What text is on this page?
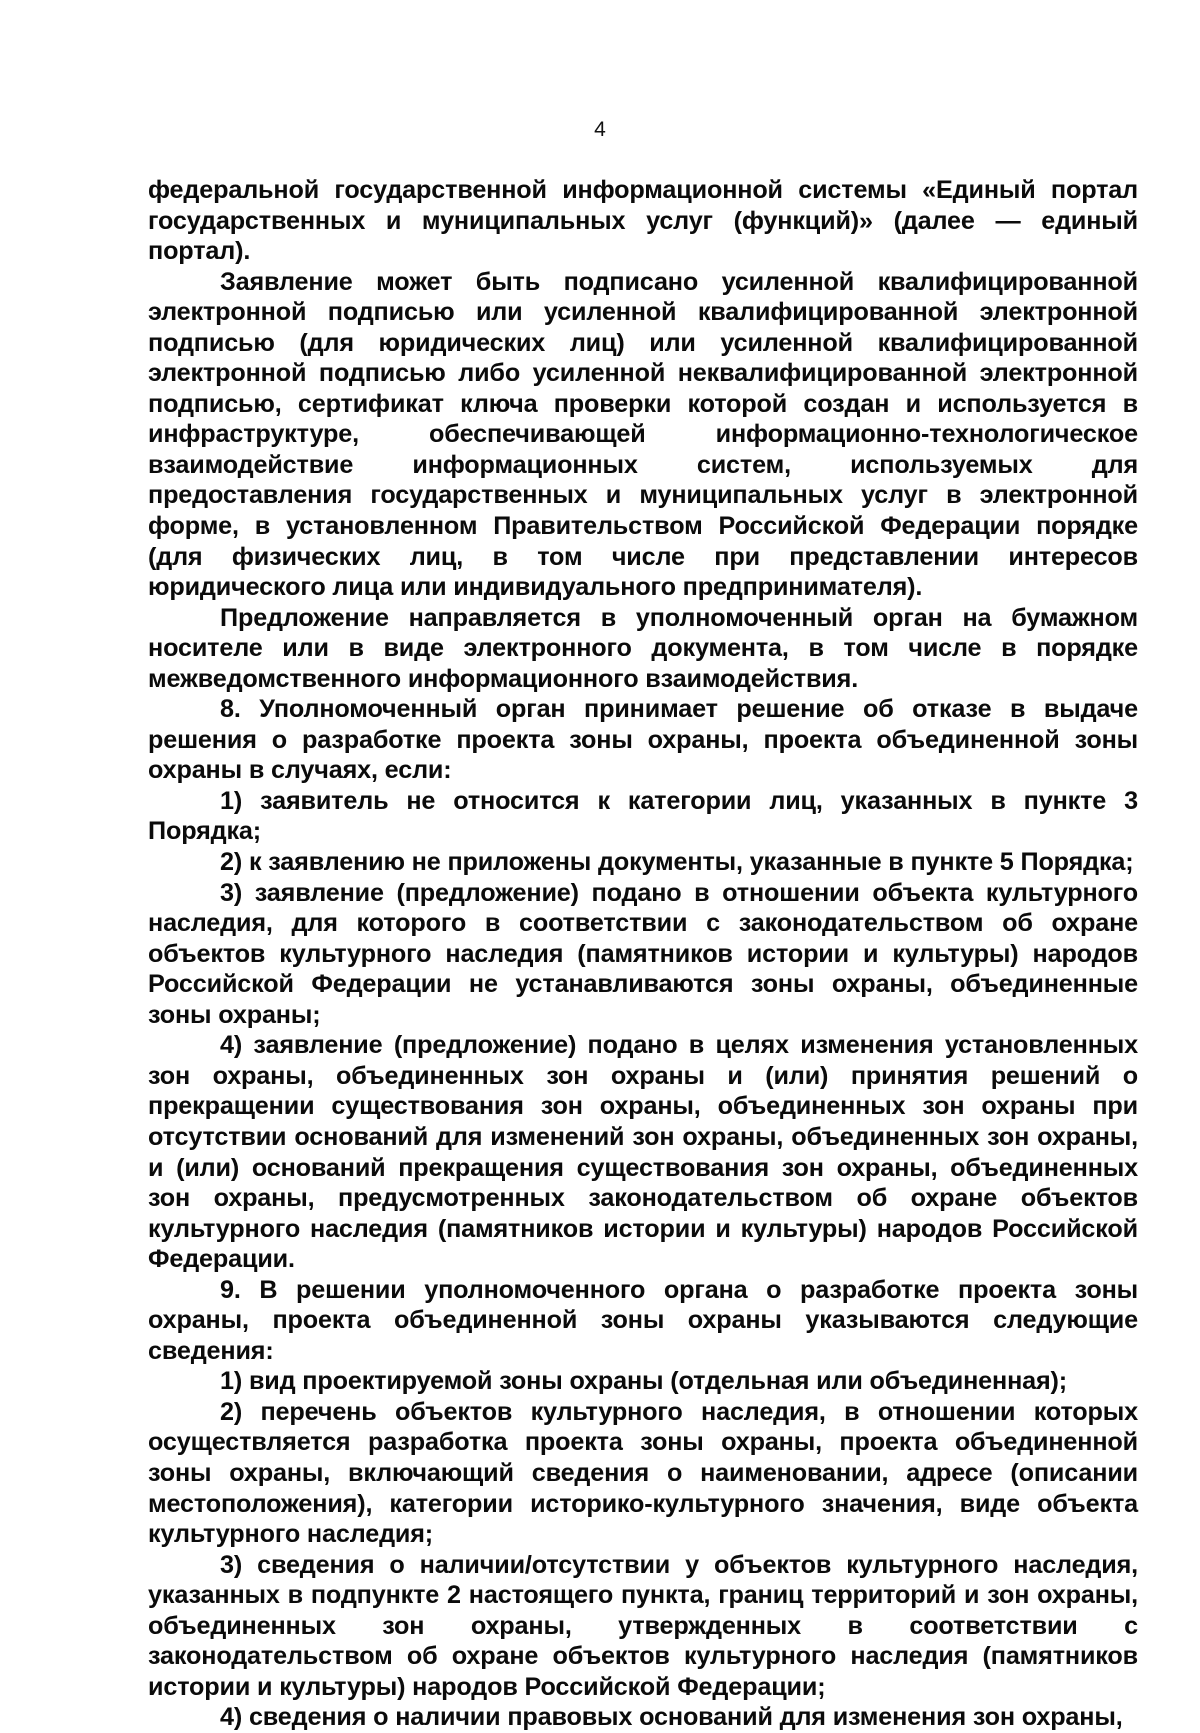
4

федеральной государственной информационной системы «Единый портал государственных и муниципальных услуг (функций)» (далее — единый портал).

Заявление может быть подписано усиленной квалифицированной электронной подписью или усиленной квалифицированной электронной подписью (для юридических лиц) или усиленной квалифицированной электронной подписью либо усиленной неквалифицированной электронной подписью, сертификат ключа проверки которой создан и используется в инфраструктуре, обеспечивающей информационно-технологическое взаимодействие информационных систем, используемых для предоставления государственных и муниципальных услуг в электронной форме, в установленном Правительством Российской Федерации порядке (для физических лиц, в том числе при представлении интересов юридического лица или индивидуального предпринимателя).

Предложение направляется в уполномоченный орган на бумажном носителе или в виде электронного документа, в том числе в порядке межведомственного информационного взаимодействия.

8. Уполномоченный орган принимает решение об отказе в выдаче решения о разработке проекта зоны охраны, проекта объединенной зоны охраны в случаях, если:

1) заявитель не относится к категории лиц, указанных в пункте 3 Порядка;

2) к заявлению не приложены документы, указанные в пункте 5 Порядка;

3) заявление (предложение) подано в отношении объекта культурного наследия, для которого в соответствии с законодательством об охране объектов культурного наследия (памятников истории и культуры) народов Российской Федерации не устанавливаются зоны охраны, объединенные зоны охраны;

4) заявление (предложение) подано в целях изменения установленных зон охраны, объединенных зон охраны и (или) принятия решений о прекращении существования зон охраны, объединенных зон охраны при отсутствии оснований для изменений зон охраны, объединенных зон охраны, и (или) оснований прекращения существования зон охраны, объединенных зон охраны, предусмотренных законодательством об охране объектов культурного наследия (памятников истории и культуры) народов Российской Федерации.

9. В решении уполномоченного органа о разработке проекта зоны охраны, проекта объединенной зоны охраны указываются следующие сведения:

1) вид проектируемой зоны охраны (отдельная или объединенная);

2) перечень объектов культурного наследия, в отношении которых осуществляется разработка проекта зоны охраны, проекта объединенной зоны охраны, включающий сведения о наименовании, адресе (описании местоположения), категории историко-культурного значения, виде объекта культурного наследия;

3) сведения о наличии/отсутствии у объектов культурного наследия, указанных в подпункте 2 настоящего пункта, границ территорий и зон охраны, объединенных зон охраны, утвержденных в соответствии с законодательством об охране объектов культурного наследия (памятников истории и культуры) народов Российской Федерации;

4) сведения о наличии правовых оснований для изменения зон охраны,
